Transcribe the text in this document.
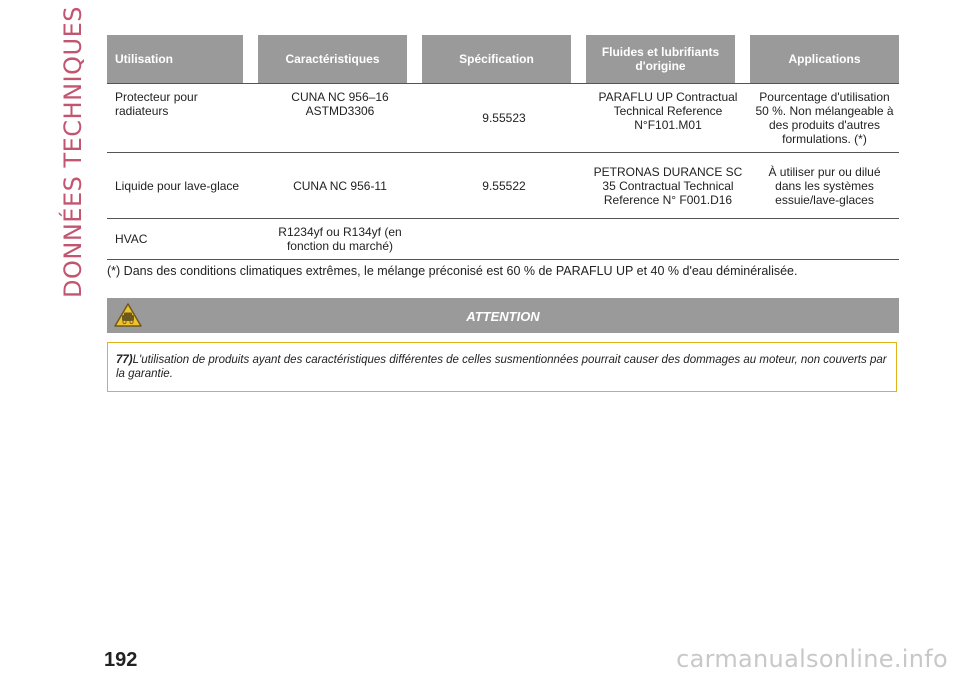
DONNÉES TECHNIQUES Utilisation	Caractéristiques	Spécification	Fluides et lubrifiants d'origine	Applications
Protecteur pour radiateurs	CUNA NC 956–16 ASTMD3306	9.55523	PARAFLU UP Contractual Technical Reference N°F101.M01	Pourcentage d'utilisation 50 %. Non mélangeable à des produits d'autres formulations. (*)
Liquide pour lave-glace	CUNA NC 956-11	9.55522	PETRONAS DURANCE SC 35 Contractual Technical Reference N° F001.D16	À utiliser pur ou dilué dans les systèmes essuie/lave-glaces
HVAC	R1234yf ou R134yf (en fonction du marché)			
(*) Dans des conditions climatiques extrêmes, le mélange préconisé est 60 % de PARAFLU UP et 40 % d'eau déminéralisée.
ATTENTION
77)L'utilisation de produits ayant des caractéristiques différentes de celles susmentionnées pourrait causer des dommages au moteur, non couverts par la garantie.
192	carmanualsonline.info
